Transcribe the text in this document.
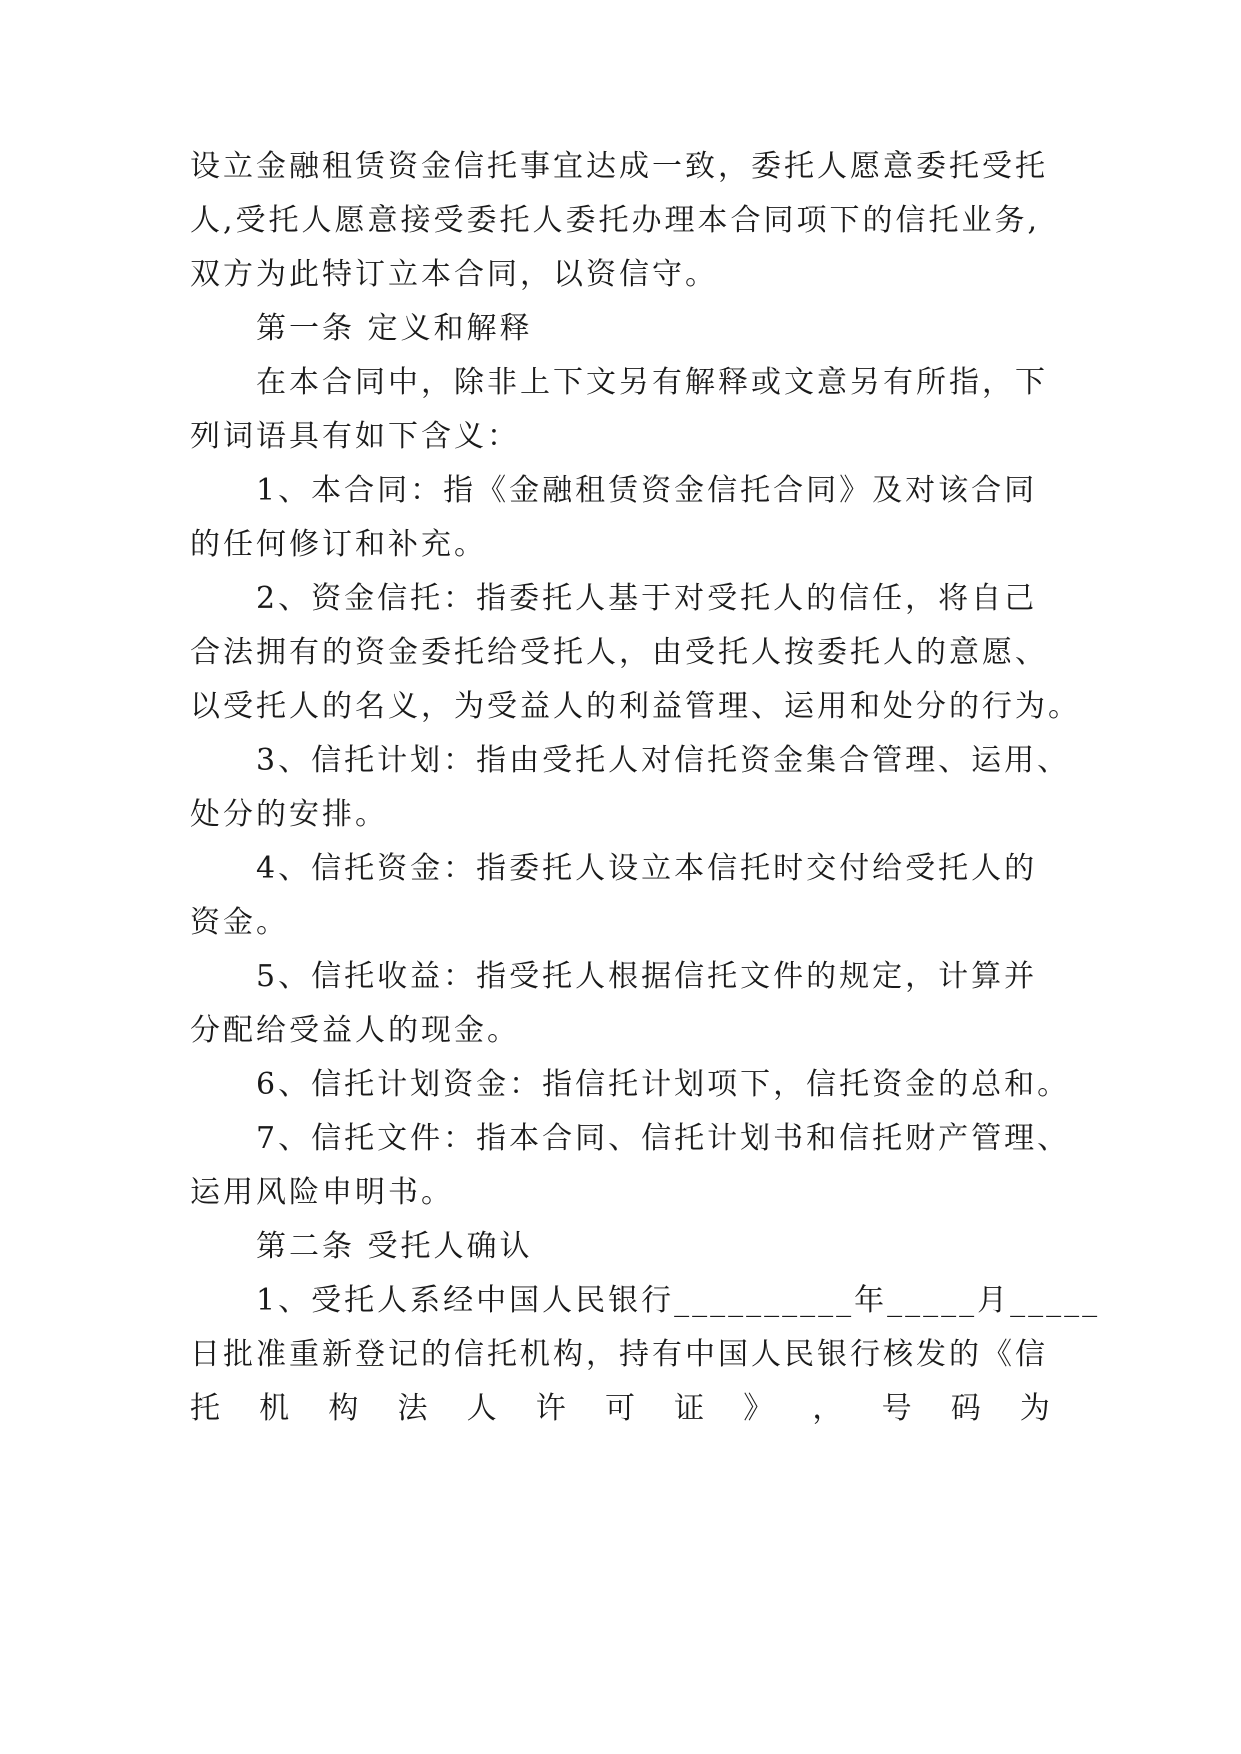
设立金融租赁资金信托事宜达成一致，委托人愿意委托受托
人,受托人愿意接受委托人委托办理本合同项下的信托业务,
双方为此特订立本合同，以资信守。
第一条 定义和解释
在本合同中，除非上下文另有解释或文意另有所指，下
列词语具有如下含义：
1、本合同：指《金融租赁资金信托合同》及对该合同
的任何修订和补充。
2、资金信托：指委托人基于对受托人的信任，将自己
合法拥有的资金委托给受托人，由受托人按委托人的意愿、
以受托人的名义，为受益人的利益管理、运用和处分的行为。
3、信托计划：指由受托人对信托资金集合管理、运用、
处分的安排。
4、信托资金：指委托人设立本信托时交付给受托人的
资金。
5、信托收益：指受托人根据信托文件的规定，计算并
分配给受益人的现金。
6、信托计划资金：指信托计划项下，信托资金的总和。
7、信托文件：指本合同、信托计划书和信托财产管理、
运用风险申明书。
第二条 受托人确认
1、受托人系经中国人民银行__________年_____月_____
日批准重新登记的信托机构，持有中国人民银行核发的《信
托 机 构 法 人 许 可 证 》 ， 号 码 为
